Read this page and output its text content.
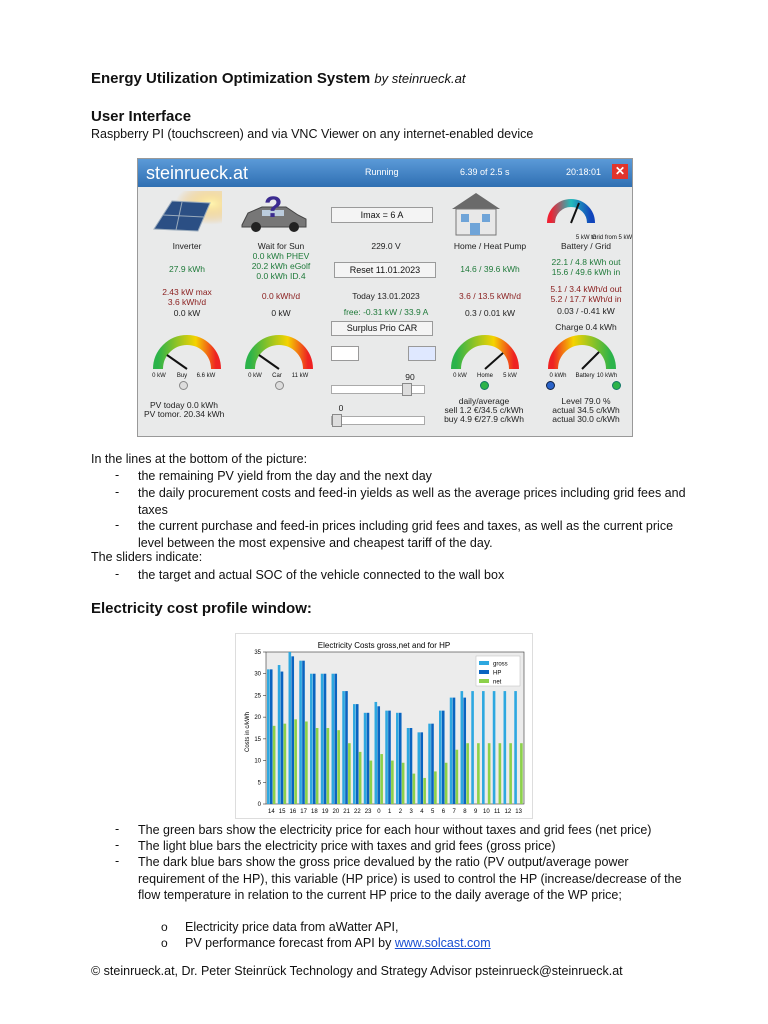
Energy Utilization Optimization System by steinrueck.at
User Interface
Raspberry PI (touchscreen) and via VNC Viewer on any internet-enabled device
steinrueck.at	Running	6.39 of 2.5 s	20:18:01 ✕
?
5 kW to
Grid from 5 kW
Inverter
27.9 kWh
2.43 kW max
3.6 kWh/d
0.0 kW
Wait for Sun
0.0 kWh PHEV
20.2 kWh eGolf
0.0 kWh ID.4
0.0 kWh/d
0 kW
Imax = 6 A
229.0 V
Reset 11.01.2023
Today 13.01.2023
free: -0.31 kW / 33.9 A
Surplus Prio CAR
90
0
Home / Heat Pump
14.6 / 39.6 kWh
3.6 / 13.5 kWh/d
0.3 / 0.01 kW
Battery / Grid
22.1 / 4.8 kWh out
15.6 / 49.6 kWh in
5.1 / 3.4 kWh/d out
5.2 / 17.7 kWh/d in
0.03 / -0.41 kW
Charge 0.4 kWh
0 kW Buy 6.6 kW	0 kW Car 11 kW	0 kW Home 5 kW	0 kWh Battery 10 kWh
PV today 0.0 kWh
PV tomor. 20.34 kWh
daily/average
sell 1.2 €/34.5 c/kWh
buy 4.9 €/27.9 c/kWh
Level 79.0 %
actual 34.5 c/kWh
actual 30.0 c/kWh
In the lines at the bottom of the picture:
- the remaining PV yield from the day and the next day
- the daily procurement costs and feed-in yields as well as the average prices including grid fees and taxes
- the current purchase and feed-in prices including grid fees and taxes, as well as the current price level between the most expensive and cheapest tariff of the day.
The sliders indicate:
- the target and actual SOC of the vehicle connected to the wall box
Electricity cost profile window:
Electricity Costs gross,net and for HP
Costs in c/kWh
0
5
10
15
20
25
30
35
14 15 16 17 18 19 20 21 22 23 0 1 2 3 4 5 6 7 8 9 10 11 12 13
gross
HP
net
- The green bars show the electricity price for each hour without taxes and grid fees (net price)
- The light blue bars the electricity price with taxes and grid fees (gross price)
- The dark blue bars show the gross price devalued by the ratio (PV output/average power requirement of the HP), this variable (HP price) is used to control the HP (increase/decrease of the flow temperature in relation to the current HP price to the daily average of the WP price;
o Electricity price data from aWatter API,
o PV performance forecast from API by www.solcast.com
© steinrueck.at, Dr. Peter Steinrück Technology and Strategy Advisor psteinrueck@steinrueck.at
